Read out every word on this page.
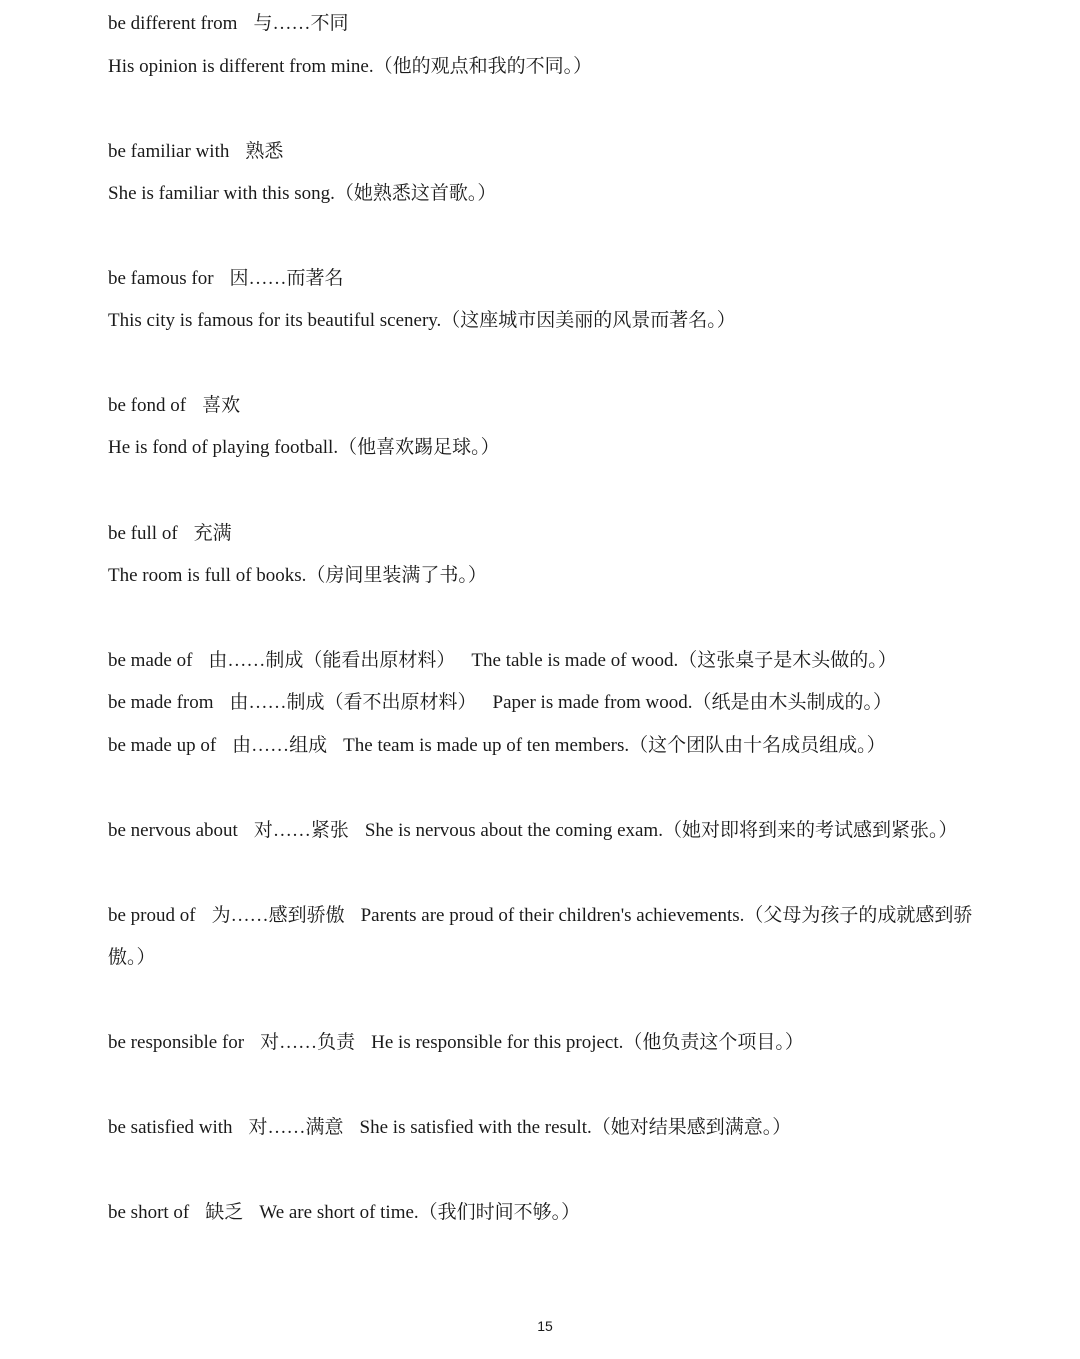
be different from 与……不同
His opinion is different from mine.（他的观点和我的不同。）
be familiar with 熟悉
She is familiar with this song.（她熟悉这首歌。）
be famous for 因……而著名
This city is famous for its beautiful scenery.（这座城市因美丽的风景而著名。）
be fond of 喜欢
He is fond of playing football.（他喜欢踢足球。）
be full of 充满
The room is full of books.（房间里装满了书。）
be made of 由……制成（能看出原材料） The table is made of wood.（这张桌子是木头做的。）
be made from 由……制成（看不出原材料） Paper is made from wood.（纸是由木头制成的。）
be made up of 由……组成 The team is made up of ten members.（这个团队由十名成员组成。）
be nervous about 对……紧张 She is nervous about the coming exam.（她对即将到来的考试感到紧张。）
be proud of 为……感到骄傲 Parents are proud of their children's achievements.（父母为孩子的成就感到骄
傲。）
be responsible for 对……负责 He is responsible for this project.（他负责这个项目。）
be satisfied with 对……满意 She is satisfied with the result.（她对结果感到满意。）
be short of 缺乏 We are short of time.（我们时间不够。）
15
